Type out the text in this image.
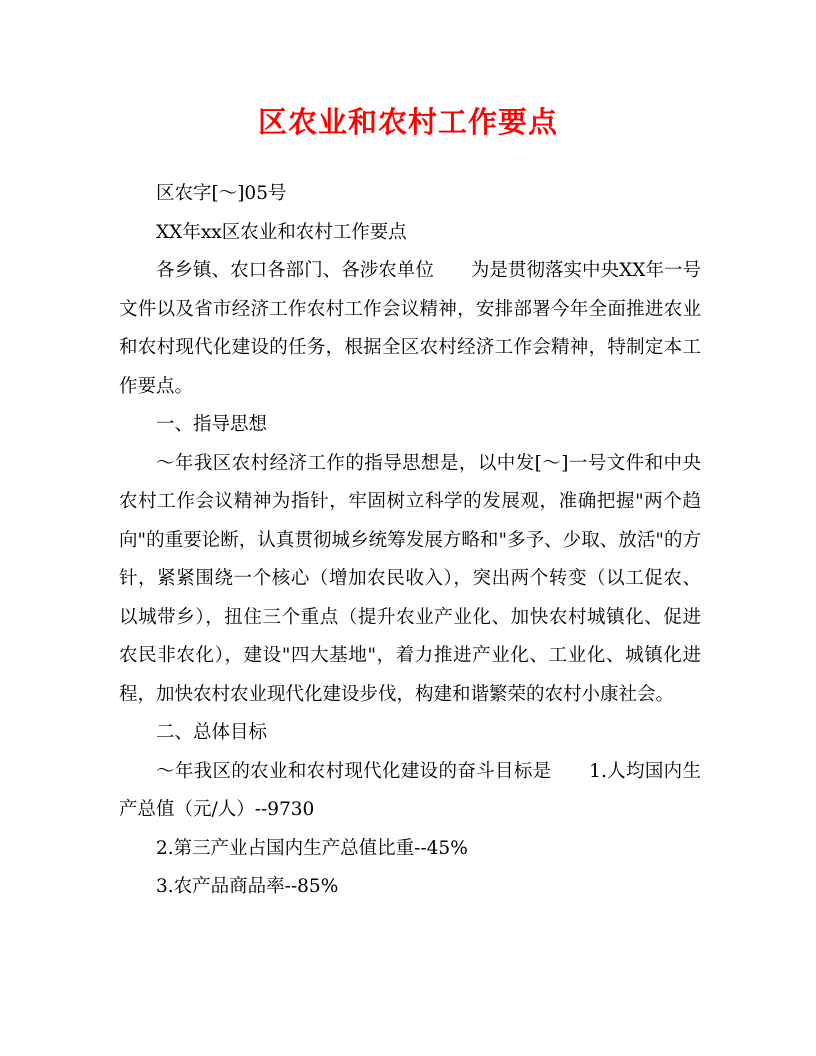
区农业和农村工作要点

区农字[～]05号

XX年xx区农业和农村工作要点

各乡镇、农口各部门、各涉农单位　　为是贯彻落实中央XX年一号文件以及省市经济工作农村工作会议精神，安排部署今年全面推进农业和农村现代化建设的任务，根据全区农村经济工作会精神，特制定本工作要点。

一、指导思想

～年我区农村经济工作的指导思想是，以中发[～]一号文件和中央农村工作会议精神为指针，牢固树立科学的发展观，准确把握"两个趋向"的重要论断，认真贯彻城乡统筹发展方略和"多予、少取、放活"的方针，紧紧围绕一个核心（增加农民收入），突出两个转变（以工促农、以城带乡），扭住三个重点（提升农业产业化、加快农村城镇化、促进农民非农化），建设"四大基地"，着力推进产业化、工业化、城镇化进程，加快农村农业现代化建设步伐，构建和谐繁荣的农村小康社会。

二、总体目标

～年我区的农业和农村现代化建设的奋斗目标是　　1.人均国内生产总值（元/人）--9730

2.第三产业占国内生产总值比重--45%

3.农产品商品率--85%
